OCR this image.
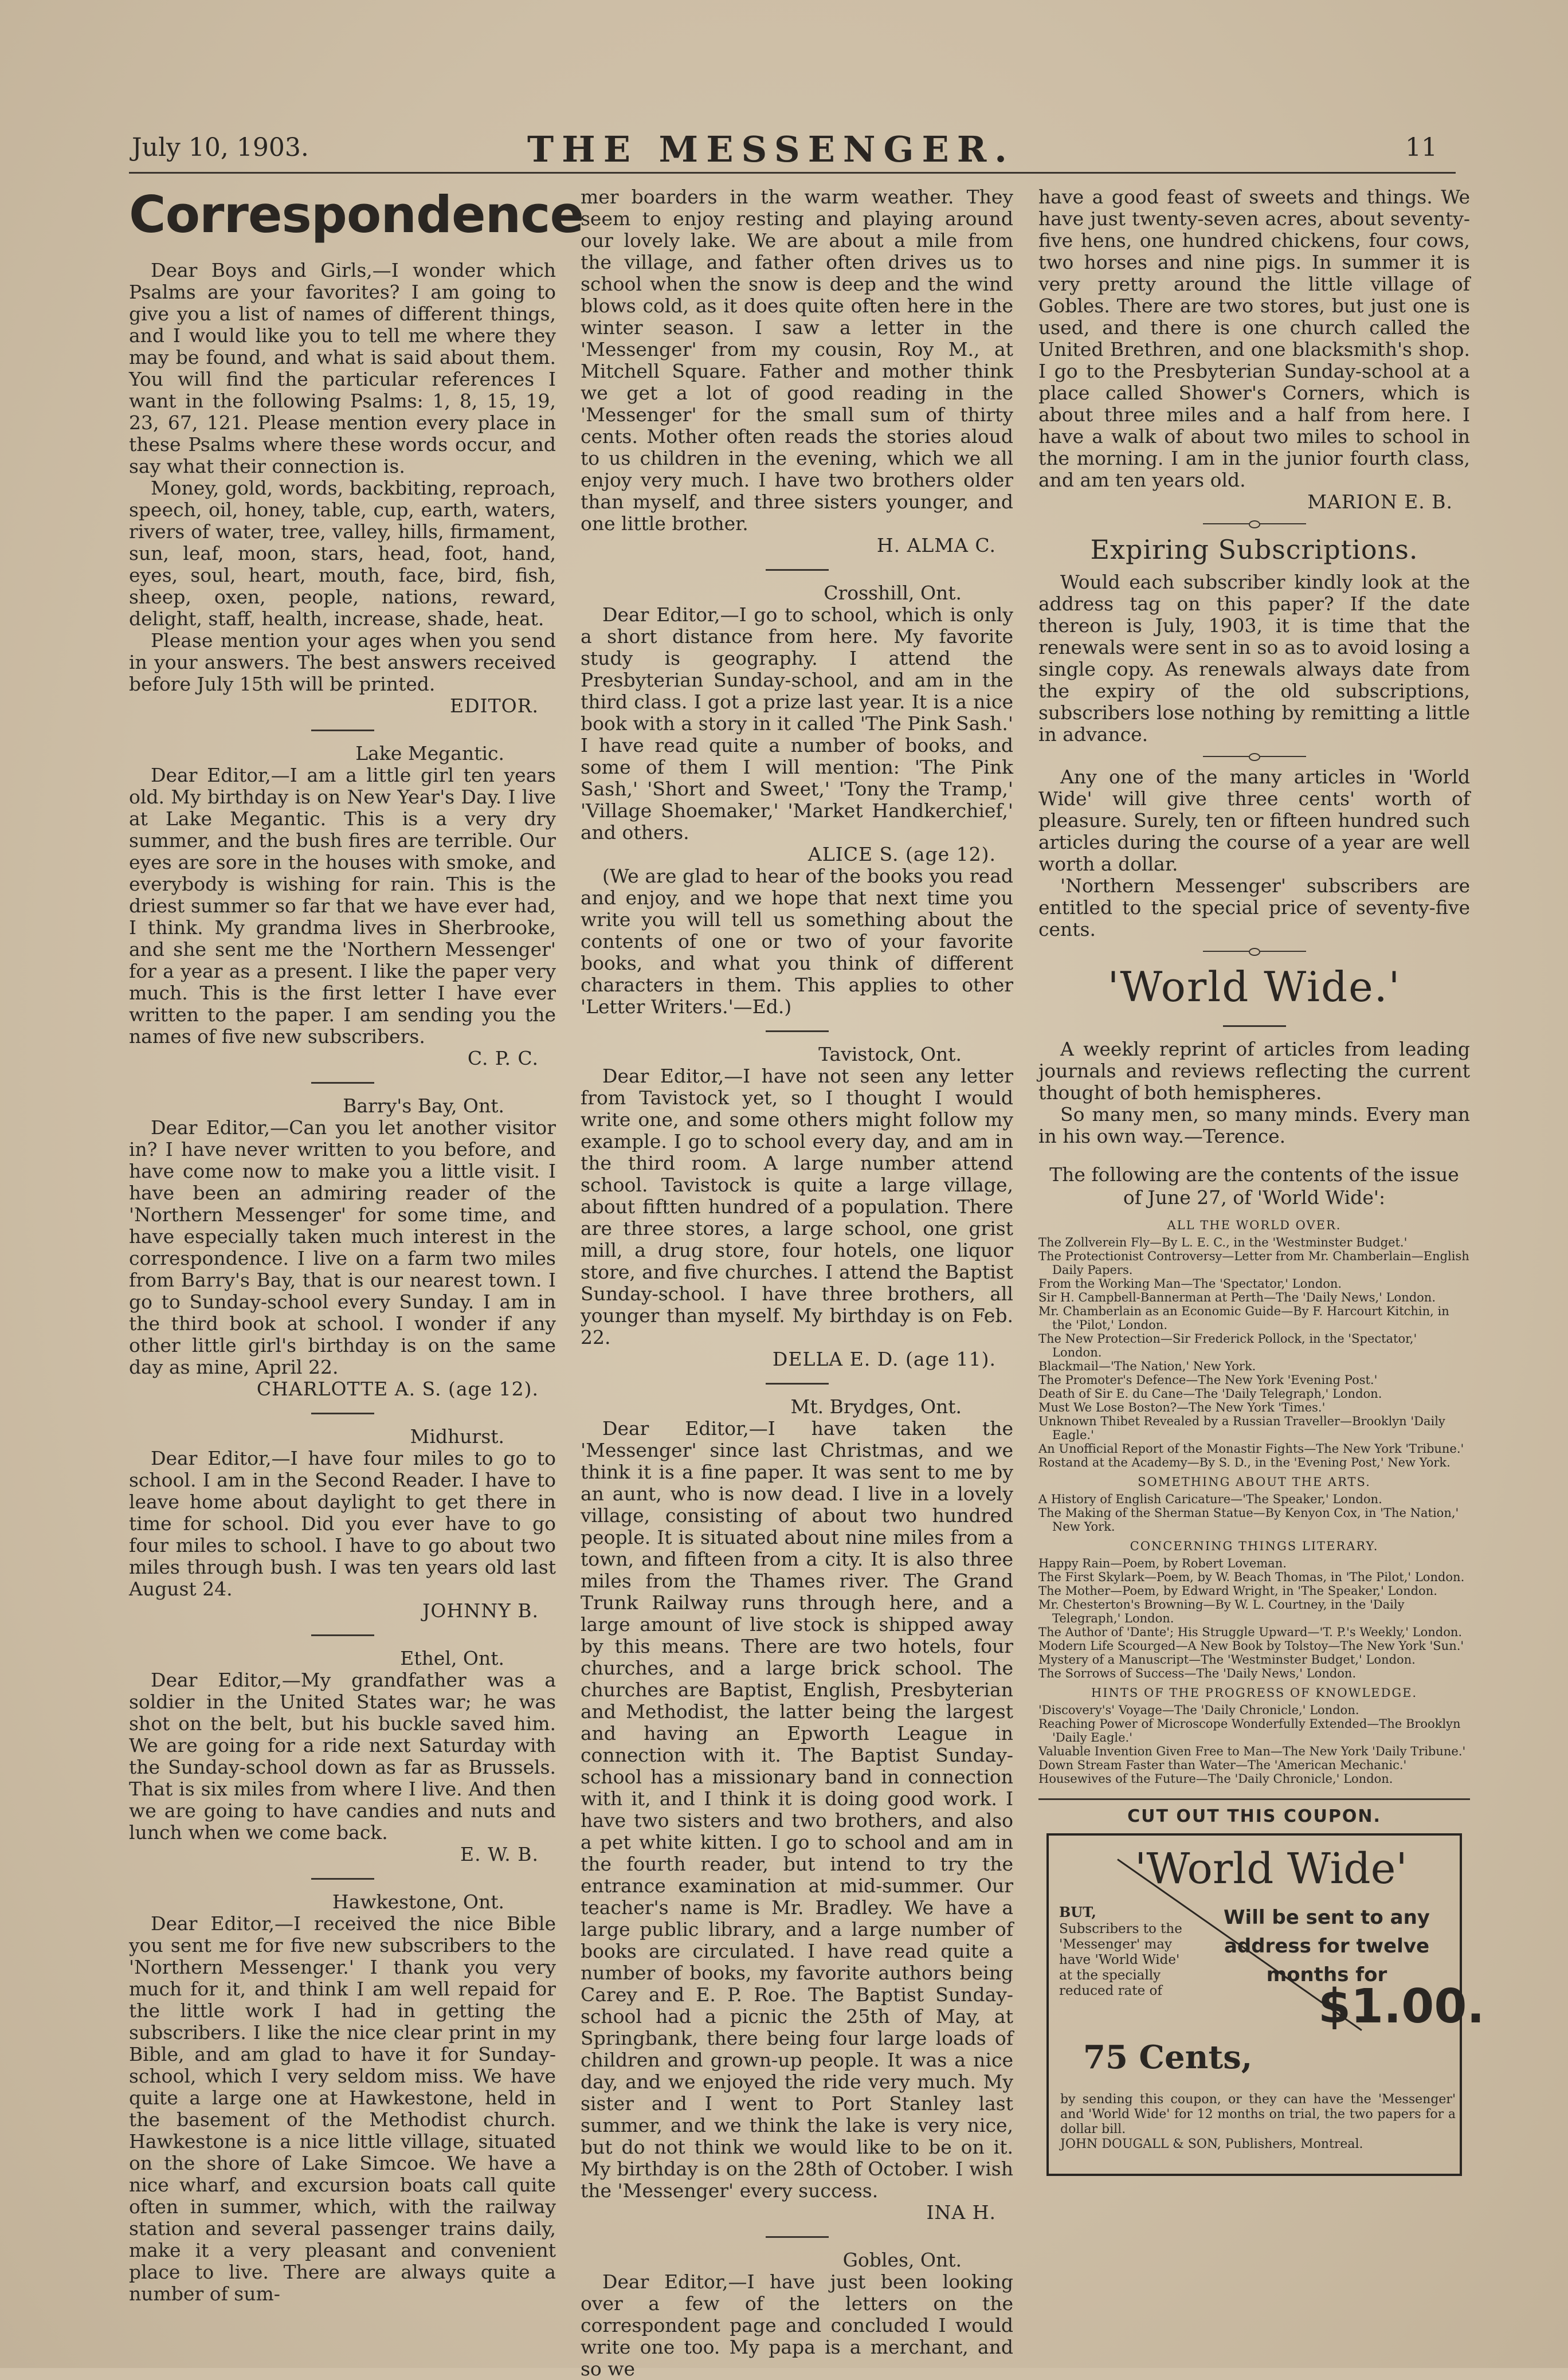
July 10, 1903.	THE MESSENGER.	11
Correspondence

Dear Boys and Girls,—I wonder which Psalms are your favorites? I am going to give you a list of names of different things, and I would like you to tell me where they may be found, and what is said about them. You will find the particular references I want in the following Psalms: 1, 8, 15, 19, 23, 67, 121. Please mention every place in these Psalms where these words occur, and say what their connection is.

Money, gold, words, backbiting, reproach, speech, oil, honey, table, cup, earth, waters, rivers of water, tree, valley, hills, firmament, sun, leaf, moon, stars, head, foot, hand, eyes, soul, heart, mouth, face, bird, fish, sheep, oxen, people, nations, reward, delight, staff, health, increase, shade, heat.

Please mention your ages when you send in your answers. The best answers received before July 15th will be printed.

EDITOR.

Lake Megantic.

Dear Editor,—I am a little girl ten years old. My birthday is on New Year's Day. I live at Lake Megantic. This is a very dry summer, and the bush fires are terrible. Our eyes are sore in the houses with smoke, and everybody is wishing for rain. This is the driest summer so far that we have ever had, I think. My grandma lives in Sherbrooke, and she sent me the 'Northern Messenger' for a year as a present. I like the paper very much. This is the first letter I have ever written to the paper. I am sending you the names of five new subscribers.

C. P. C.

Barry's Bay, Ont.

Dear Editor,—Can you let another visitor in? I have never written to you before, and have come now to make you a little visit. I have been an admiring reader of the 'Northern Messenger' for some time, and have especially taken much interest in the correspondence. I live on a farm two miles from Barry's Bay, that is our nearest town. I go to Sunday-school every Sunday. I am in the third book at school. I wonder if any other little girl's birthday is on the same day as mine, April 22.

CHARLOTTE A. S. (age 12).

Midhurst.

Dear Editor,—I have four miles to go to school. I am in the Second Reader. I have to leave home about daylight to get there in time for school. Did you ever have to go four miles to school. I have to go about two miles through bush. I was ten years old last August 24.

JOHNNY B.

Ethel, Ont.

Dear Editor,—My grandfather was a soldier in the United States war; he was shot on the belt, but his buckle saved him. We are going for a ride next Saturday with the Sunday-school down as far as Brussels. That is six miles from where I live. And then we are going to have candies and nuts and lunch when we come back.

E. W. B.

Hawkestone, Ont.

Dear Editor,—I received the nice Bible you sent me for five new subscribers to the 'Northern Messenger.' I thank you very much for it, and think I am well repaid for the little work I had in getting the subscribers. I like the nice clear print in my Bible, and am glad to have it for Sunday-school, which I very seldom miss. We have quite a large one at Hawkestone, held in the basement of the Methodist church. Hawkestone is a nice little village, situated on the shore of Lake Simcoe. We have a nice wharf, and excursion boats call quite often in summer, which, with the railway station and several passenger trains daily, make it a very pleasant and convenient place to live. There are always quite a number of sum-

mer boarders in the warm weather. They seem to enjoy resting and playing around our lovely lake. We are about a mile from the village, and father often drives us to school when the snow is deep and the wind blows cold, as it does quite often here in the winter season. I saw a letter in the 'Messenger' from my cousin, Roy M., at Mitchell Square. Father and mother think we get a lot of good reading in the 'Messenger' for the small sum of thirty cents. Mother often reads the stories aloud to us children in the evening, which we all enjoy very much. I have two brothers older than myself, and three sisters younger, and one little brother.

H. ALMA C.

Crosshill, Ont.

Dear Editor,—I go to school, which is only a short distance from here. My favorite study is geography. I attend the Presbyterian Sunday-school, and am in the third class. I got a prize last year. It is a nice book with a story in it called 'The Pink Sash.' I have read quite a number of books, and some of them I will mention: 'The Pink Sash,' 'Short and Sweet,' 'Tony the Tramp,' 'Village Shoemaker,' 'Market Handkerchief,' and others.

ALICE S. (age 12).

(We are glad to hear of the books you read and enjoy, and we hope that next time you write you will tell us something about the contents of one or two of your favorite books, and what you think of different characters in them. This applies to other 'Letter Writers.'—Ed.)

Tavistock, Ont.

Dear Editor,—I have not seen any letter from Tavistock yet, so I thought I would write one, and some others might follow my example. I go to school every day, and am in the third room. A large number attend school. Tavistock is quite a large village, about fiftten hundred of a population. There are three stores, a large school, one grist mill, a drug store, four hotels, one liquor store, and five churches. I attend the Baptist Sunday-school. I have three brothers, all younger than myself. My birthday is on Feb. 22.

DELLA E. D. (age 11).

Mt. Brydges, Ont.

Dear Editor,—I have taken the 'Messenger' since last Christmas, and we think it is a fine paper. It was sent to me by an aunt, who is now dead. I live in a lovely village, consisting of about two hundred people. It is situated about nine miles from a town, and fifteen from a city. It is also three miles from the Thames river. The Grand Trunk Railway runs through here, and a large amount of live stock is shipped away by this means. There are two hotels, four churches, and a large brick school. The churches are Baptist, English, Presbyterian and Methodist, the latter being the largest and having an Epworth League in connection with it. The Baptist Sunday-school has a missionary band in connection with it, and I think it is doing good work. I have two sisters and two brothers, and also a pet white kitten. I go to school and am in the fourth reader, but intend to try the entrance examination at mid-summer. Our teacher's name is Mr. Bradley. We have a large public library, and a large number of books are circulated. I have read quite a number of books, my favorite authors being Carey and E. P. Roe. The Baptist Sunday-school had a picnic the 25th of May, at Springbank, there being four large loads of children and grown-up people. It was a nice day, and we enjoyed the ride very much. My sister and I went to Port Stanley last summer, and we think the lake is very nice, but do not think we would like to be on it. My birthday is on the 28th of October. I wish the 'Messenger' every success.

INA H.

Gobles, Ont.

Dear Editor,—I have just been looking over a few of the letters on the correspondent page and concluded I would write one too. My papa is a merchant, and so we

have a good feast of sweets and things. We have just twenty-seven acres, about seventy-five hens, one hundred chickens, four cows, two horses and nine pigs. In summer it is very pretty around the little village of Gobles. There are two stores, but just one is used, and there is one church called the United Brethren, and one blacksmith's shop. I go to the Presbyterian Sunday-school at a place called Shower's Corners, which is about three miles and a half from here. I have a walk of about two miles to school in the morning. I am in the junior fourth class, and am ten years old.

MARION E. B.

Expiring Subscriptions.

Would each subscriber kindly look at the address tag on this paper? If the date thereon is July, 1903, it is time that the renewals were sent in so as to avoid losing a single copy. As renewals always date from the expiry of the old subscriptions, subscribers lose nothing by remitting a little in advance.

Any one of the many articles in 'World Wide' will give three cents' worth of pleasure. Surely, ten or fifteen hundred such articles during the course of a year are well worth a dollar.

'Northern Messenger' subscribers are entitled to the special price of seventy-five cents.

'World Wide.'

A weekly reprint of articles from leading journals and reviews reflecting the current thought of both hemispheres.

So many men, so many minds. Every man in his own way.—Terence.

The following are the contents of the issue of June 27, of 'World Wide':

ALL THE WORLD OVER.
The Zollverein Fly—By L. E. C., in the 'Westminster Budget.'
The Protectionist Controversy—Letter from Mr. Chamberlain—English Daily Papers.
From the Working Man—The 'Spectator,' London.
Sir H. Campbell-Bannerman at Perth—The 'Daily News,' London.
Mr. Chamberlain as an Economic Guide—By F. Harcourt Kitchin, in the 'Pilot,' London.
The New Protection—Sir Frederick Pollock, in the 'Spectator,' London.
Blackmail—'The Nation,' New York.
The Promoter's Defence—The New York 'Evening Post.'
Death of Sir E. du Cane—The 'Daily Telegraph,' London.
Must We Lose Boston?—The New York 'Times.'
Unknown Thibet Revealed by a Russian Traveller—Brooklyn 'Daily Eagle.'
An Unofficial Report of the Monastir Fights—The New York 'Tribune.'
Rostand at the Academy—By S. D., in the 'Evening Post,' New York.
SOMETHING ABOUT THE ARTS.
A History of English Caricature—'The Speaker,' London.
The Making of the Sherman Statue—By Kenyon Cox, in 'The Nation,' New York.
CONCERNING THINGS LITERARY.
Happy Rain—Poem, by Robert Loveman.
The First Skylark—Poem, by W. Beach Thomas, in 'The Pilot,' London.
The Mother—Poem, by Edward Wright, in 'The Speaker,' London.
Mr. Chesterton's Browning—By W. L. Courtney, in the 'Daily Telegraph,' London.
The Author of 'Dante'; His Struggle Upward—'T. P.'s Weekly,' London.
Modern Life Scourged—A New Book by Tolstoy—The New York 'Sun.'
Mystery of a Manuscript—The 'Westminster Budget,' London.
The Sorrows of Success—The 'Daily News,' London.
HINTS OF THE PROGRESS OF KNOWLEDGE.
'Discovery's' Voyage—The 'Daily Chronicle,' London.
Reaching Power of Microscope Wonderfully Extended—The Brooklyn 'Daily Eagle.'
Valuable Invention Given Free to Man—The New York 'Daily Tribune.'
Down Stream Faster than Water—The 'American Mechanic.'
Housewives of the Future—The 'Daily Chronicle,' London.
CUT OUT THIS COUPON.
'World Wide'
BUT,
Subscribers to the 'Messenger' may have 'World Wide' at the specially reduced rate of
Will be sent to any address for twelve months for
$1.00.
75 Cents,
by sending this coupon, or they can have the 'Messenger' and 'World Wide' for 12 months on trial, the two papers for a dollar bill.
JOHN DOUGALL & SON, Publishers, Montreal.
